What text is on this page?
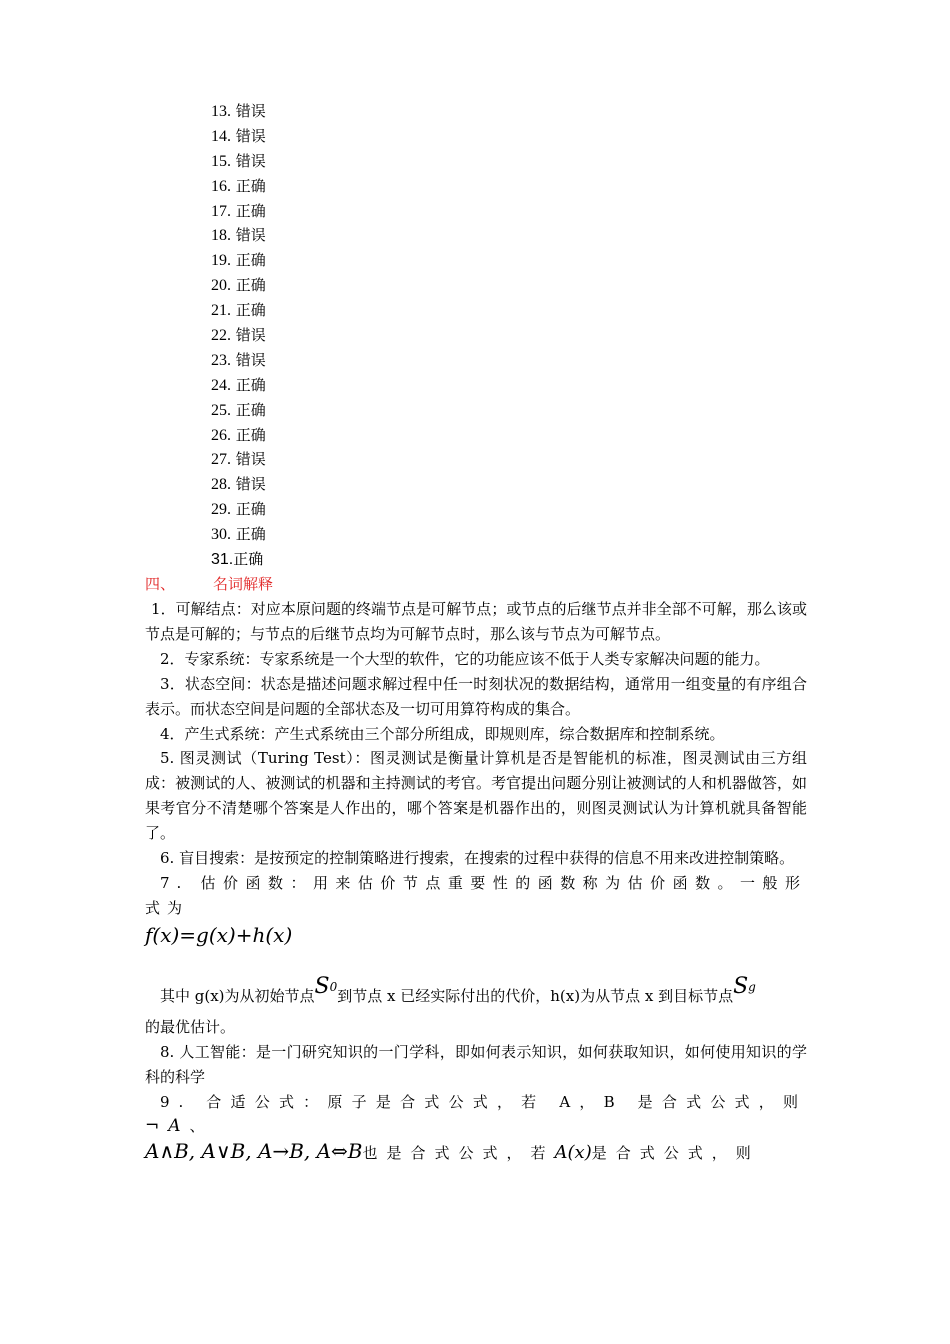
13. 错误
14. 错误
15. 错误
16. 正确
17. 正确
18. 错误
19. 正确
20. 正确
21. 正确
22. 错误
23. 错误
24. 正确
25. 正确
26. 正确
27. 错误
28. 错误
29. 正确
30. 正确
31.正确
四、	名词解释

1．可解结点：对应本原问题的终端节点是可解节点；或节点的后继节点并非全部不可解，那么该或节点是可解的；与节点的后继节点均为可解节点时，那么该与节点为可解节点。

2．专家系统：专家系统是一个大型的软件，它的功能应该不低于人类专家解决问题的能力。

3．状态空间：状态是描述问题求解过程中任一时刻状况的数据结构，通常用一组变量的有序组合表示。而状态空间是问题的全部状态及一切可用算符构成的集合。

4．产生式系统：产生式系统由三个部分所组成，即规则库，综合数据库和控制系统。

5. 图灵测试（Turing Test）：图灵测试是衡量计算机是否是智能机的标准，图灵测试由三方组成：被测试的人、被测试的机器和主持测试的考官。考官提出问题分别让被测试的人和机器做答，如果考官分不清楚哪个答案是人作出的，哪个答案是机器作出的，则图灵测试认为计算机就具备智能了。

6. 盲目搜索：是按预定的控制策略进行搜索，在搜索的过程中获得的信息不用来改进控制策略。

7. 估价函数：用来估价节点重要性的函数称为估价函数。一般形式为

f(x)=g(x)+h(x)
其中 g(x)为从初始节点S0到节点 x 已经实际付出的代价，h(x)为从节点 x 到目标节点Sg

的最优估计。

8. 人工智能：是一门研究知识的一门学科，即如何表示知识，如何获取知识，如何使用知识的学科的科学

9. 合适公式：原子是合式公式，若 A，B 是合式公式，则¬A、

A∧B, A∨B, A→B, A⇔B也是合式公式，若A(x)是合式公式，则
